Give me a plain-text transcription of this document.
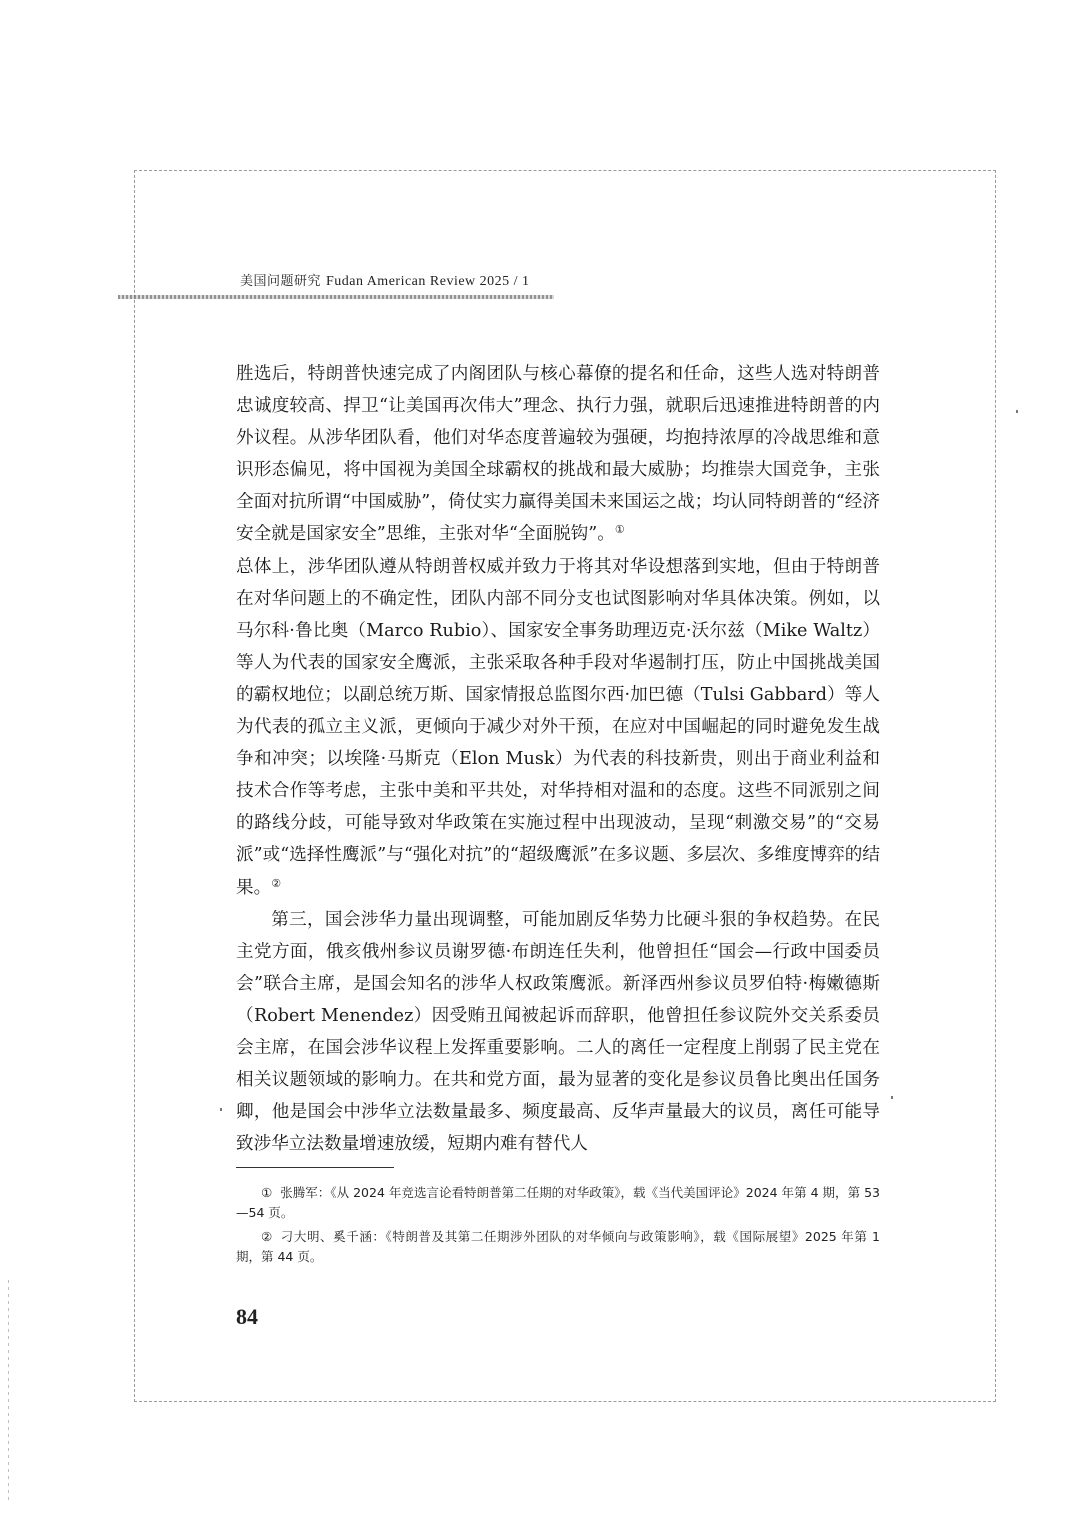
美国问题研究 Fudan American Review 2025 / 1

胜选后，特朗普快速完成了内阁团队与核心幕僚的提名和任命，这些人选对特朗普忠诚度较高、捍卫“让美国再次伟大”理念、执行力强，就职后迅速推进特朗普的内外议程。从涉华团队看，他们对华态度普遍较为强硬，均抱持浓厚的冷战思维和意识形态偏见，将中国视为美国全球霸权的挑战和最大威胁；均推崇大国竞争，主张全面对抗所谓“中国威胁”，倚仗实力赢得美国未来国运之战；均认同特朗普的“经济安全就是国家安全”思维，主张对华“全面脱钩”。①

总体上，涉华团队遵从特朗普权威并致力于将其对华设想落到实地，但由于特朗普在对华问题上的不确定性，团队内部不同分支也试图影响对华具体决策。例如，以马尔科·鲁比奥（Marco Rubio）、国家安全事务助理迈克·沃尔兹（Mike Waltz）等人为代表的国家安全鹰派，主张采取各种手段对华遏制打压，防止中国挑战美国的霸权地位；以副总统万斯、国家情报总监图尔西·加巴德（Tulsi Gabbard）等人为代表的孤立主义派，更倾向于减少对外干预，在应对中国崛起的同时避免发生战争和冲突；以埃隆·马斯克（Elon Musk）为代表的科技新贵，则出于商业利益和技术合作等考虑，主张中美和平共处，对华持相对温和的态度。这些不同派别之间的路线分歧，可能导致对华政策在实施过程中出现波动，呈现“刺激交易”的“交易派”或“选择性鹰派”与“强化对抗”的“超级鹰派”在多议题、多层次、多维度博弈的结果。②

第三，国会涉华力量出现调整，可能加剧反华势力比硬斗狠的争权趋势。在民主党方面，俄亥俄州参议员谢罗德·布朗连任失利，他曾担任“国会—行政中国委员会”联合主席，是国会知名的涉华人权政策鹰派。新泽西州参议员罗伯特·梅嫩德斯（Robert Menendez）因受贿丑闻被起诉而辞职，他曾担任参议院外交关系委员会主席，在国会涉华议程上发挥重要影响。二人的离任一定程度上削弱了民主党在相关议题领域的影响力。在共和党方面，最为显著的变化是参议员鲁比奥出任国务卿，他是国会中涉华立法数量最多、频度最高、反华声量最大的议员，离任可能导致涉华立法数量增速放缓，短期内难有替代人

① 张腾军：《从 2024 年竞选言论看特朗普第二任期的对华政策》，载《当代美国评论》2024 年第 4 期，第 53—54 页。

② 刁大明、奚千涵：《特朗普及其第二任期涉外团队的对华倾向与政策影响》，载《国际展望》2025 年第 1 期，第 44 页。

84
